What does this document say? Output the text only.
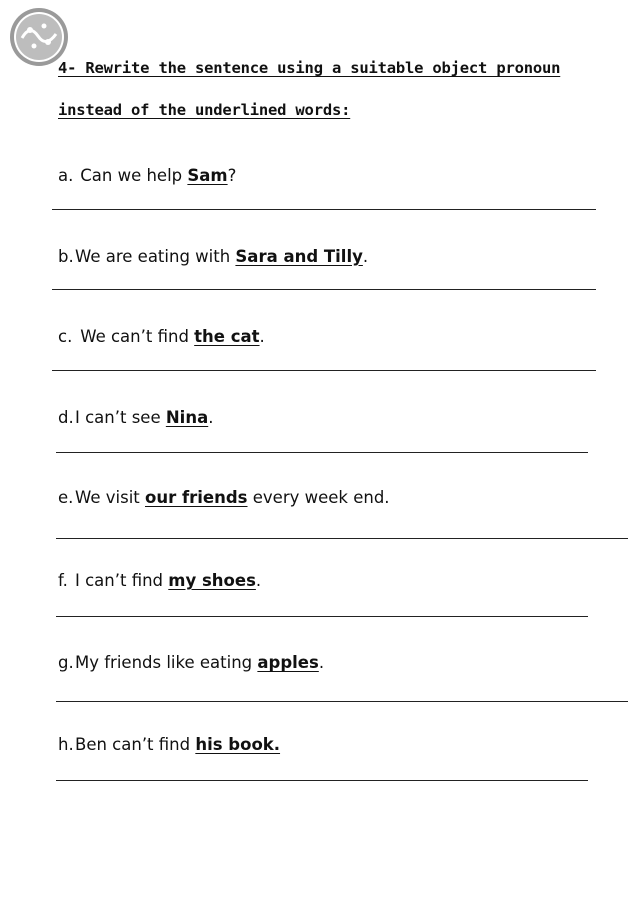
4- Rewrite the sentence using a suitable object pronoun
instead of the underlined words:
a. Can we help Sam?
b.We are eating with Sara and Tilly.
c. We can’t find the cat.
d.I can’t see Nina.
e.We visit our friends every week end.
f. I can’t find my shoes.
g.My friends like eating apples.
h.Ben can’t find his book.
